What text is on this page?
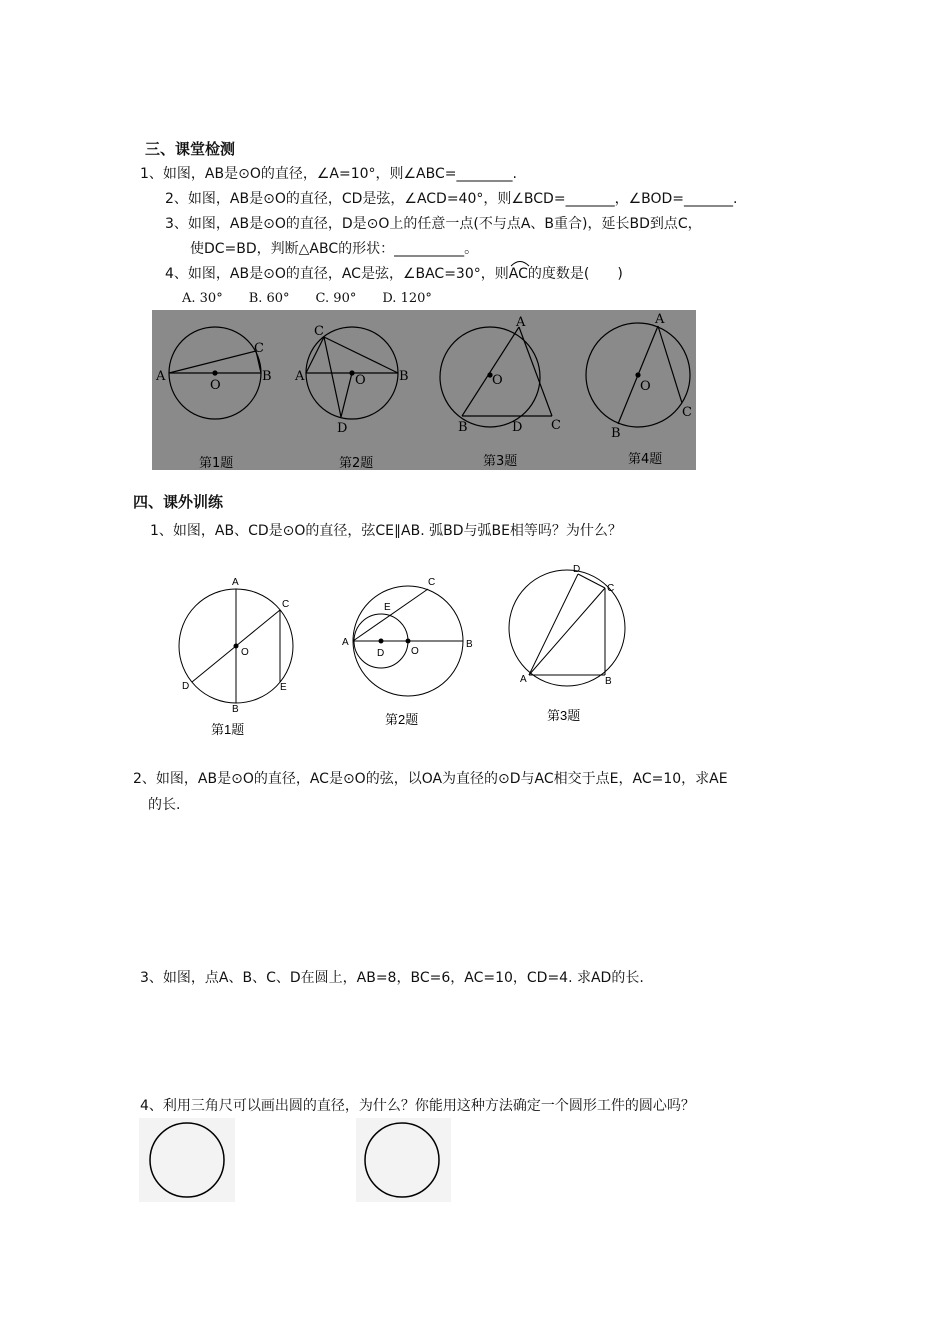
三、课堂检测
1、如图，AB是⊙O的直径，∠A=10°，则∠ABC=________.
2、如图，AB是⊙O的直径，CD是弦，∠ACD=40°，则∠BCD=_______，∠BOD=_______.
3、如图，AB是⊙O的直径，D是⊙O上的任意一点(不与点A、B重合)，延长BD到点C，
使DC=BD，判断△ABC的形状：__________。
4、如图，AB是⊙O的直径，AC是弦，∠BAC=30°，则
AC的度数是(　　)
A. 30°　　B. 60°　　C. 90°　　D. 120°
A	B
C
O
第1题
A	B
C
D
O
第2题
A
B	C
D
O
第3题
A
B
C
O
第4题
四、课外训练
1、如图，AB、CD是⊙O的直径，弦CE∥AB. 弧BD与弧BE相等吗？为什么？
A
B
C
D	E
O
第1题
A	B
C
D
E
O
第2题
D
C
A	B
第3题
2、如图，AB是⊙O的直径，AC是⊙O的弦，以OA为直径的⊙D与AC相交于点E，AC=10，求AE
的长.
3、如图，点A、B、C、D在圆上，AB=8，BC=6，AC=10，CD=4. 求AD的长.
4、利用三角尺可以画出圆的直径，为什么？你能用这种方法确定一个圆形工件的圆心吗？
